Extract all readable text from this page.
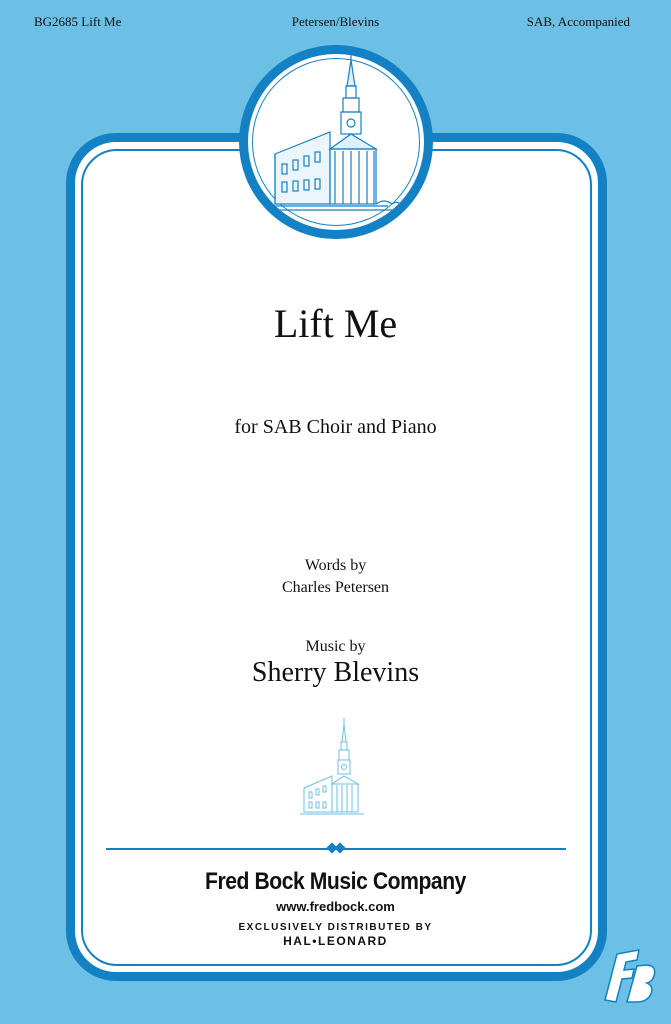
BG2685 Lift Me	Petersen/Blevins	SAB, Accompanied
Lift Me
for SAB Choir and Piano
Words by
Charles Petersen
Music by
Sherry Blevins
Fred Bock Music Company
www.fredbock.com
EXCLUSIVELY DISTRIBUTED BY
HAL•LEONARD
